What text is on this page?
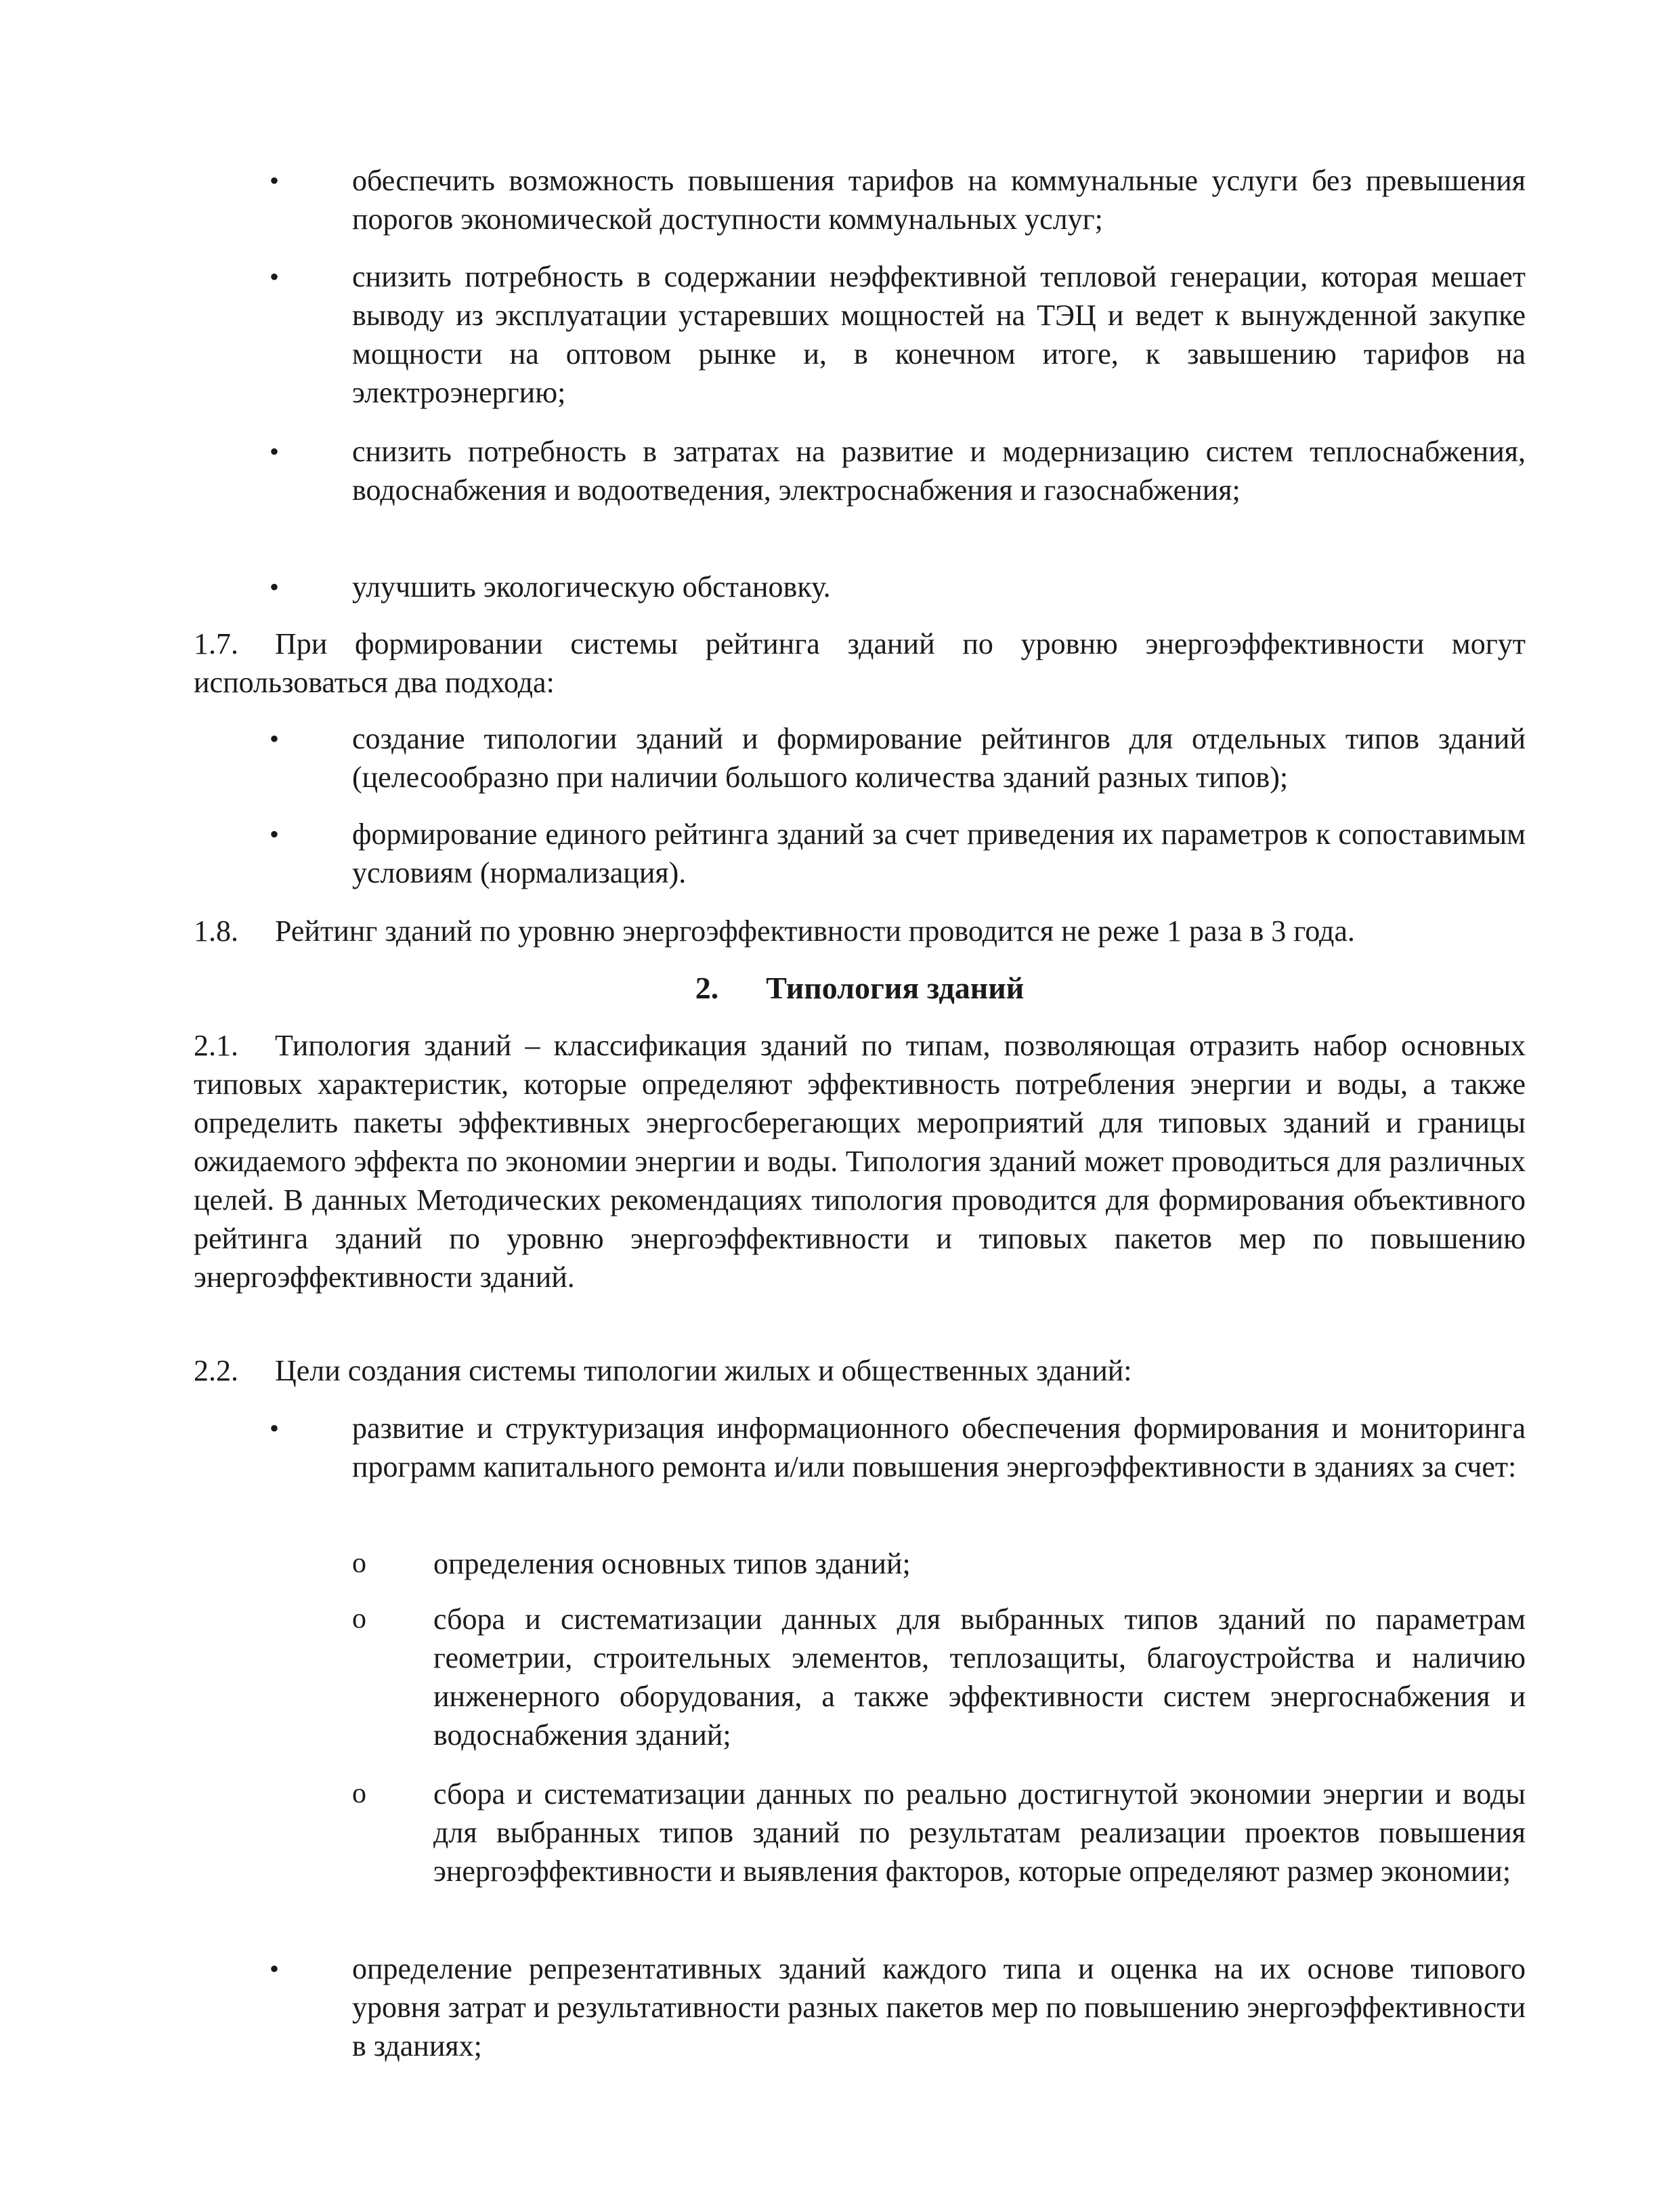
• обеспечить возможность повышения тарифов на коммунальные услуги без превышения порогов экономической доступности коммунальных услуг;
• снизить потребность в содержании неэффективной тепловой генерации, которая мешает выводу из эксплуатации устаревших мощностей на ТЭЦ и ведет к вынужденной закупке мощности на оптовом рынке и, в конечном итоге, к завышению тарифов на электроэнергию;
• снизить потребность в затратах на развитие и модернизацию систем теплоснабжения, водоснабжения и водоотведения, электроснабжения и газоснабжения;
• улучшить экологическую обстановку.
1.7. При формировании системы рейтинга зданий по уровню энергоэффективности могут использоваться два подхода:
• создание типологии зданий и формирование рейтингов для отдельных типов зданий (целесообразно при наличии большого количества зданий разных типов);
• формирование единого рейтинга зданий за счет приведения их параметров к сопоставимым условиям (нормализация).
1.8. Рейтинг зданий по уровню энергоэффективности проводится не реже 1 раза в 3 года.
2. Типология зданий
2.1. Типология зданий – классификация зданий по типам, позволяющая отразить набор основных типовых характеристик, которые определяют эффективность потребления энергии и воды, а также определить пакеты эффективных энергосберегающих мероприятий для типовых зданий и границы ожидаемого эффекта по экономии энергии и воды. Типология зданий может проводиться для различных целей. В данных Методических рекомендациях типология проводится для формирования объективного рейтинга зданий по уровню энергоэффективности и типовых пакетов мер по повышению энергоэффективности зданий.
2.2. Цели создания системы типологии жилых и общественных зданий:
• развитие и структуризация информационного обеспечения формирования и мониторинга программ капитального ремонта и/или повышения энергоэффективности в зданиях за счет:
o определения основных типов зданий;
o сбора и систематизации данных для выбранных типов зданий по параметрам геометрии, строительных элементов, теплозащиты, благоустройства и наличию инженерного оборудования, а также эффективности систем энергоснабжения и водоснабжения зданий;
o сбора и систематизации данных по реально достигнутой экономии энергии и воды для выбранных типов зданий по результатам реализации проектов повышения энергоэффективности и выявления факторов, которые определяют размер экономии;
• определение репрезентативных зданий каждого типа и оценка на их основе типового уровня затрат и результативности разных пакетов мер по повышению энергоэффективности в зданиях;
